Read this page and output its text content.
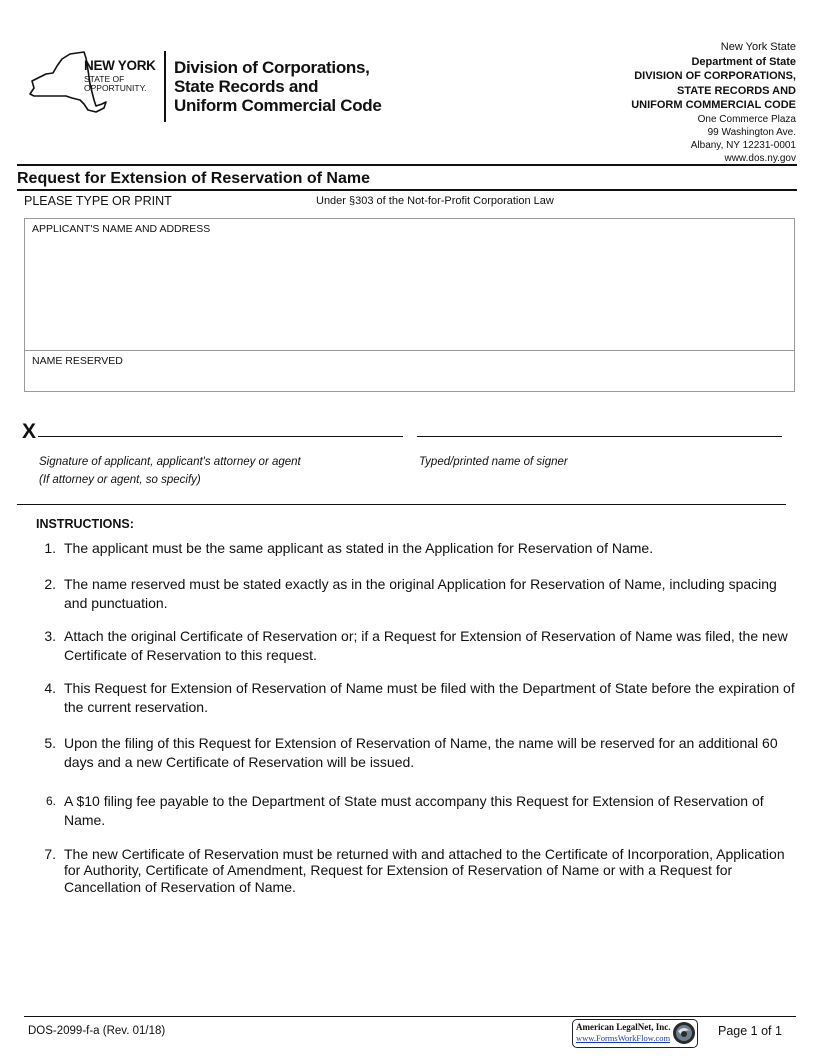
NEW YORK
STATE OF
OPPORTUNITY.
Division of Corporations,
State Records and
Uniform Commercial Code
New York State
Department of State
DIVISION OF CORPORATIONS,
STATE RECORDS AND
UNIFORM COMMERCIAL CODE
One Commerce Plaza
99 Washington Ave.
Albany, NY 12231-0001
www.dos.ny.gov
Request for Extension of Reservation of Name
PLEASE TYPE OR PRINT	Under §303 of the Not-for-Profit Corporation Law
APPLICANT'S NAME AND ADDRESS
NAME RESERVED
X
Signature of applicant, applicant's attorney or agent
(If attorney or agent, so specify)
Typed/printed name of signer
INSTRUCTIONS:
1. The applicant must be the same applicant as stated in the Application for Reservation of Name.
2. The name reserved must be stated exactly as in the original Application for Reservation of Name, including spacing and punctuation.
3. Attach the original Certificate of Reservation or; if a Request for Extension of Reservation of Name was filed, the new Certificate of Reservation to this request.
4. This Request for Extension of Reservation of Name must be filed with the Department of State before the expiration of the current reservation.
5. Upon the filing of this Request for Extension of Reservation of Name, the name will be reserved for an additional 60 days and a new Certificate of Reservation will be issued.
6. A $10 filing fee payable to the Department of State must accompany this Request for Extension of Reservation of Name.
7. The new Certificate of Reservation must be returned with and attached to the Certificate of Incorporation, Application for Authority, Certificate of Amendment, Request for Extension of Reservation of Name or with a Request for Cancellation of Reservation of Name.
DOS-2099-f-a (Rev. 01/18)	American LegalNet, Inc.
www.FormsWorkFlow.com	Page 1 of 1
